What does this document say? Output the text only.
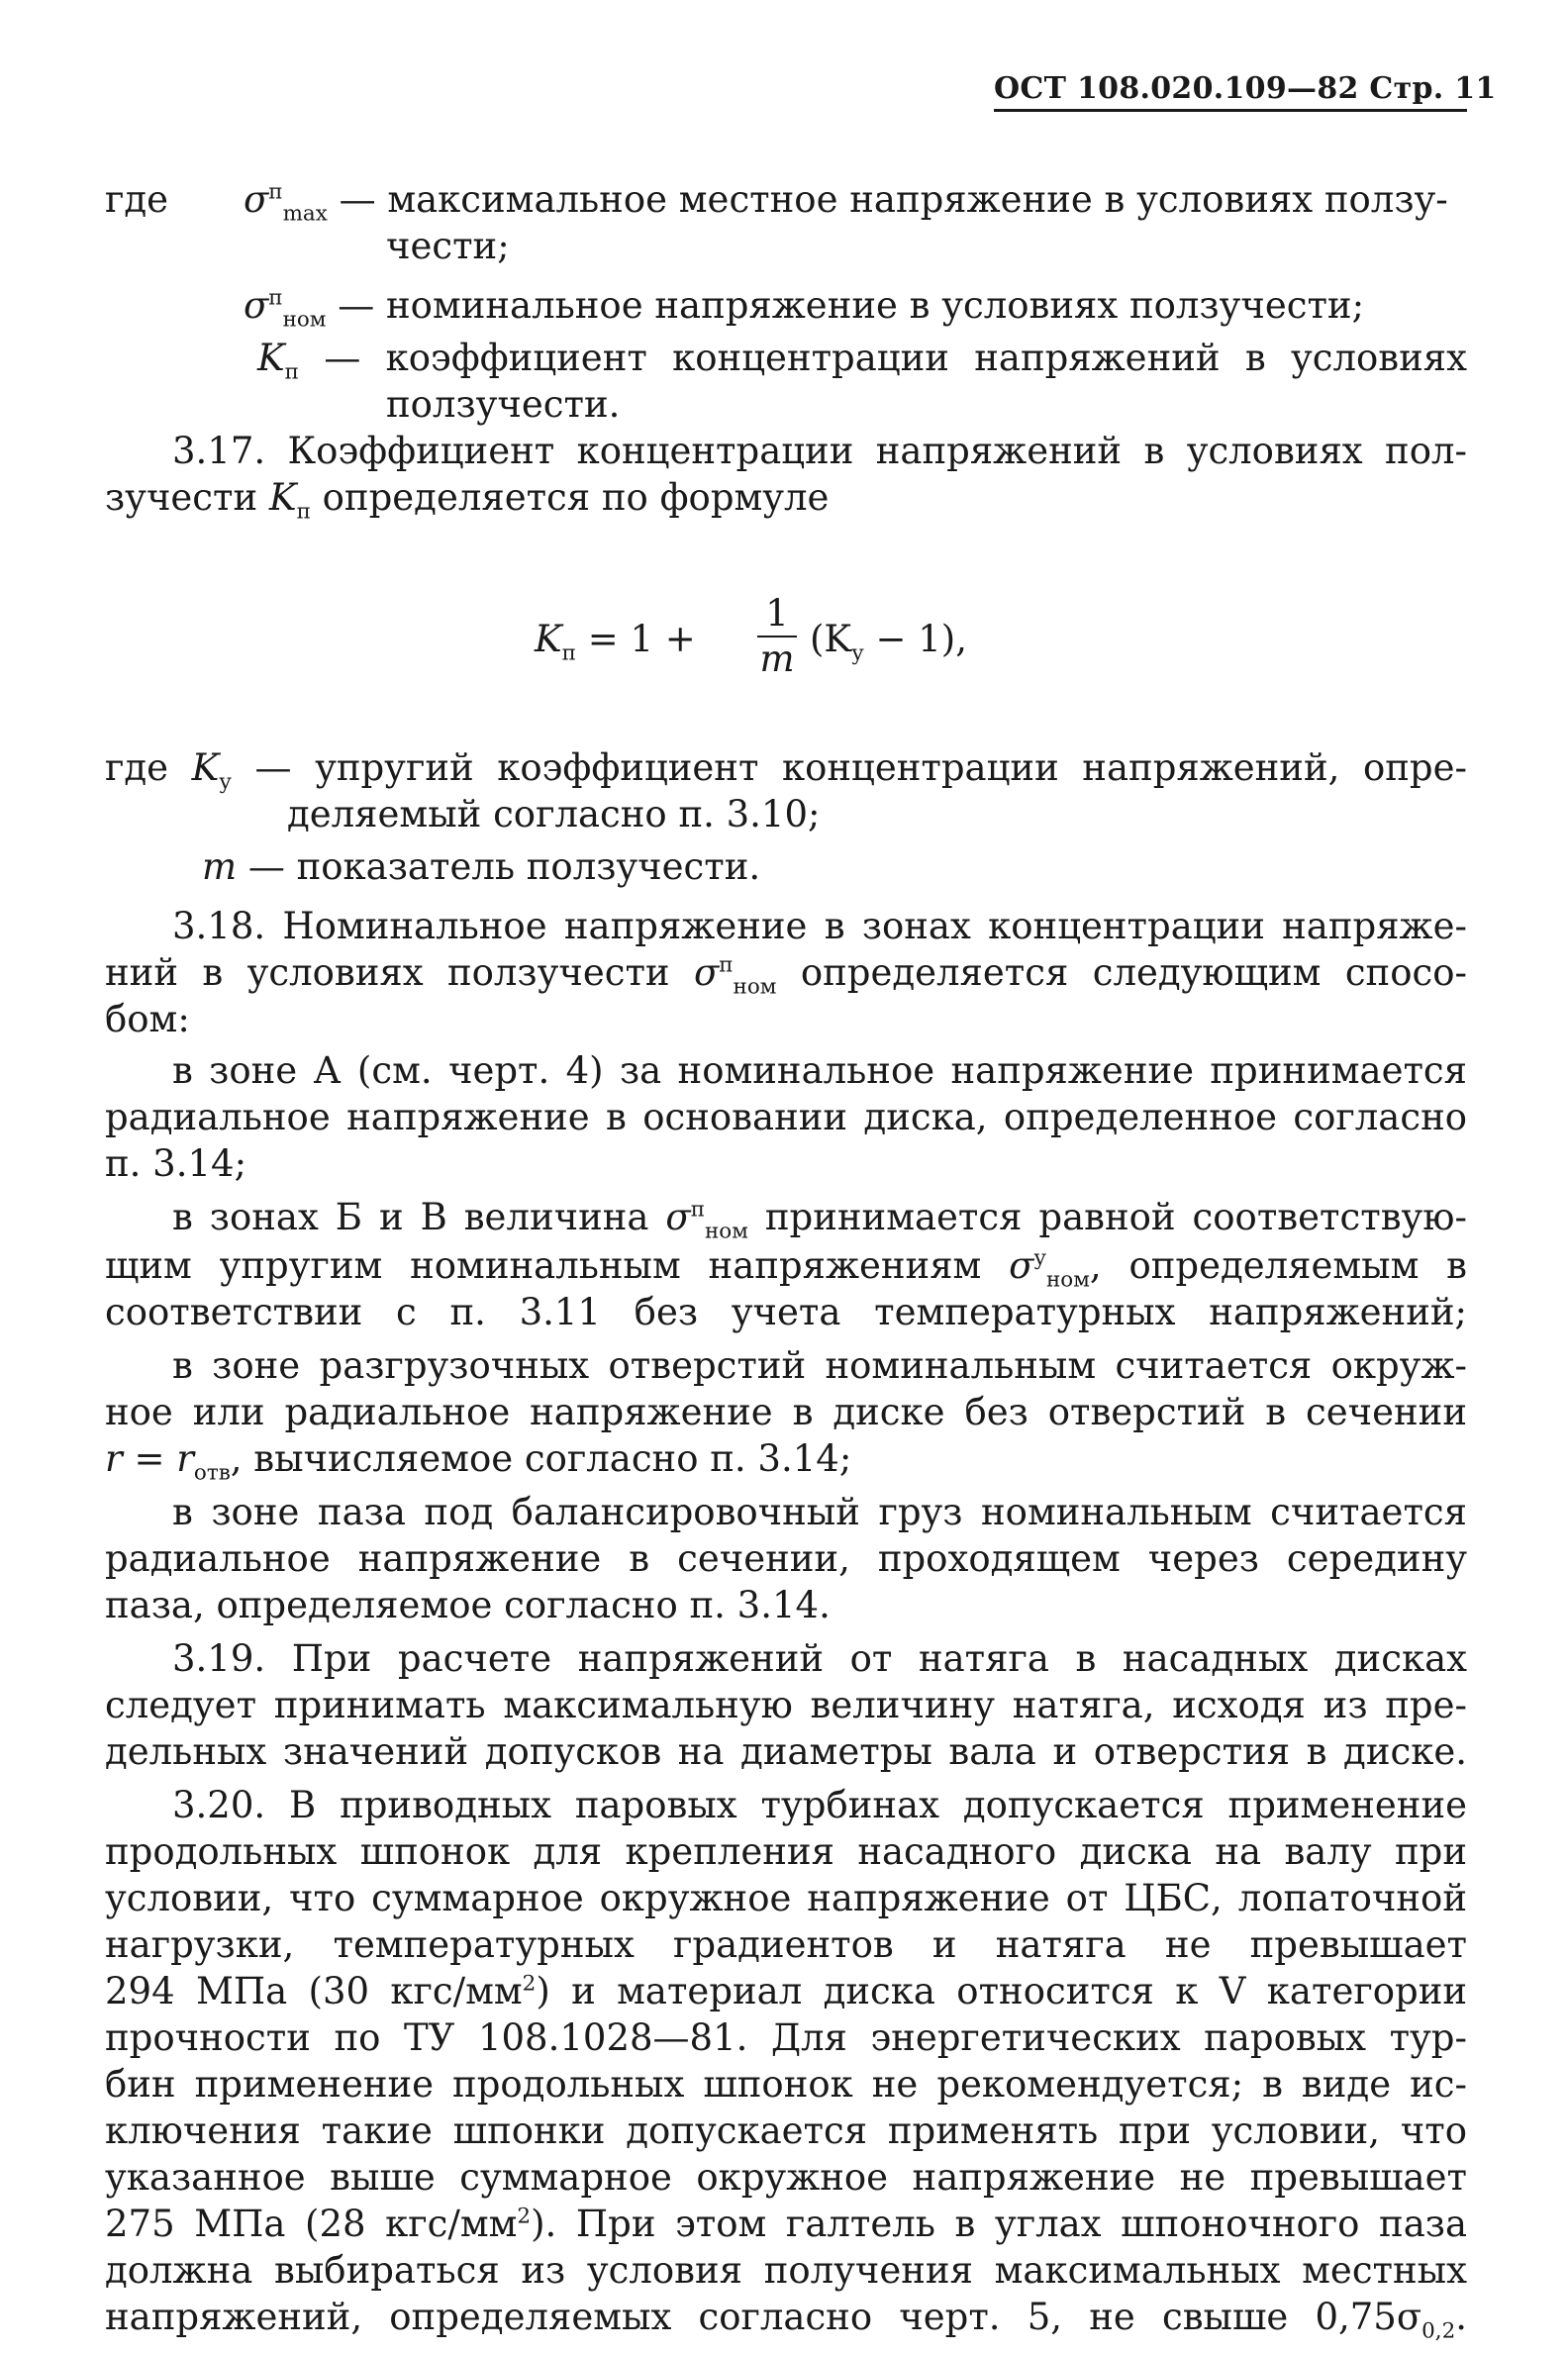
ОСТ 108.020.109—82 Стр. 11
где $\sigma^п_{max}$ — максимальное местное напряжение в условиях ползу-
чести;
$\sigma^п_{ном}$ — номинальное напряжение в условиях ползучести;
$K_п$ — коэффициент концентрации напряжений в условиях
ползучести.
3.17. Коэффициент концентрации напряжений в условиях пол-
зучести $K_п$ определяется по формуле
$K_п = 1$ +
1
m $(K_у - 1)$,
где $K_у$ — упругий коэффициент концентрации напряжений, опре-
деляемый согласно п. 3.10;
m — показатель ползучести.
3.18. Номинальное напряжение в зонах концентрации напряже-
ний в условиях ползучести $\sigma^п_{ном}$ определяется следующим спосо-
бом:
в зоне А (см. черт. 4) за номинальное напряжение принимается
радиальное напряжение в основании диска, определенное согласно
п. 3.14;
в зонах Б и В величина $\sigma^п_{ном}$ принимается равной соответствую-
щим упругим номинальным напряжениям $\sigma^у_{ном}$, определяемым в
соответствии с п. 3.11 без учета температурных напряжений;
в зоне разгрузочных отверстий номинальным считается окруж-
ное или радиальное напряжение в диске без отверстий в сечении
$r = r_{отв}$, вычисляемое согласно п. 3.14;
в зоне паза под балансировочный груз номинальным считается
радиальное напряжение в сечении, проходящем через середину
паза, определяемое согласно п. 3.14.
3.19. При расчете напряжений от натяга в насадных дисках
следует принимать максимальную величину натяга, исходя из пре-
дельных значений допусков на диаметры вала и отверстия в диске.
3.20. В приводных паровых турбинах допускается применение
продольных шпонок для крепления насадного диска на валу при
условии, что суммарное окружное напряжение от ЦБС, лопаточной
нагрузки, температурных градиентов и натяга не превышает
294 МПа (30 кгс/$мм^2$) и материал диска относится к V категории
прочности по ТУ 108.1028—81. Для энергетических паровых тур-
бин применение продольных шпонок не рекомендуется; в виде ис-
ключения такие шпонки допускается применять при условии, что
указанное выше суммарное окружное напряжение не превышает
275 МПа (28 кгс/$мм^2$). При этом галтель в углах шпоночного паза
должна выбираться из условия получения максимальных местных
напряжений, определяемых согласно черт. 5, не свыше $0,75\sigma_{0,2}$.
